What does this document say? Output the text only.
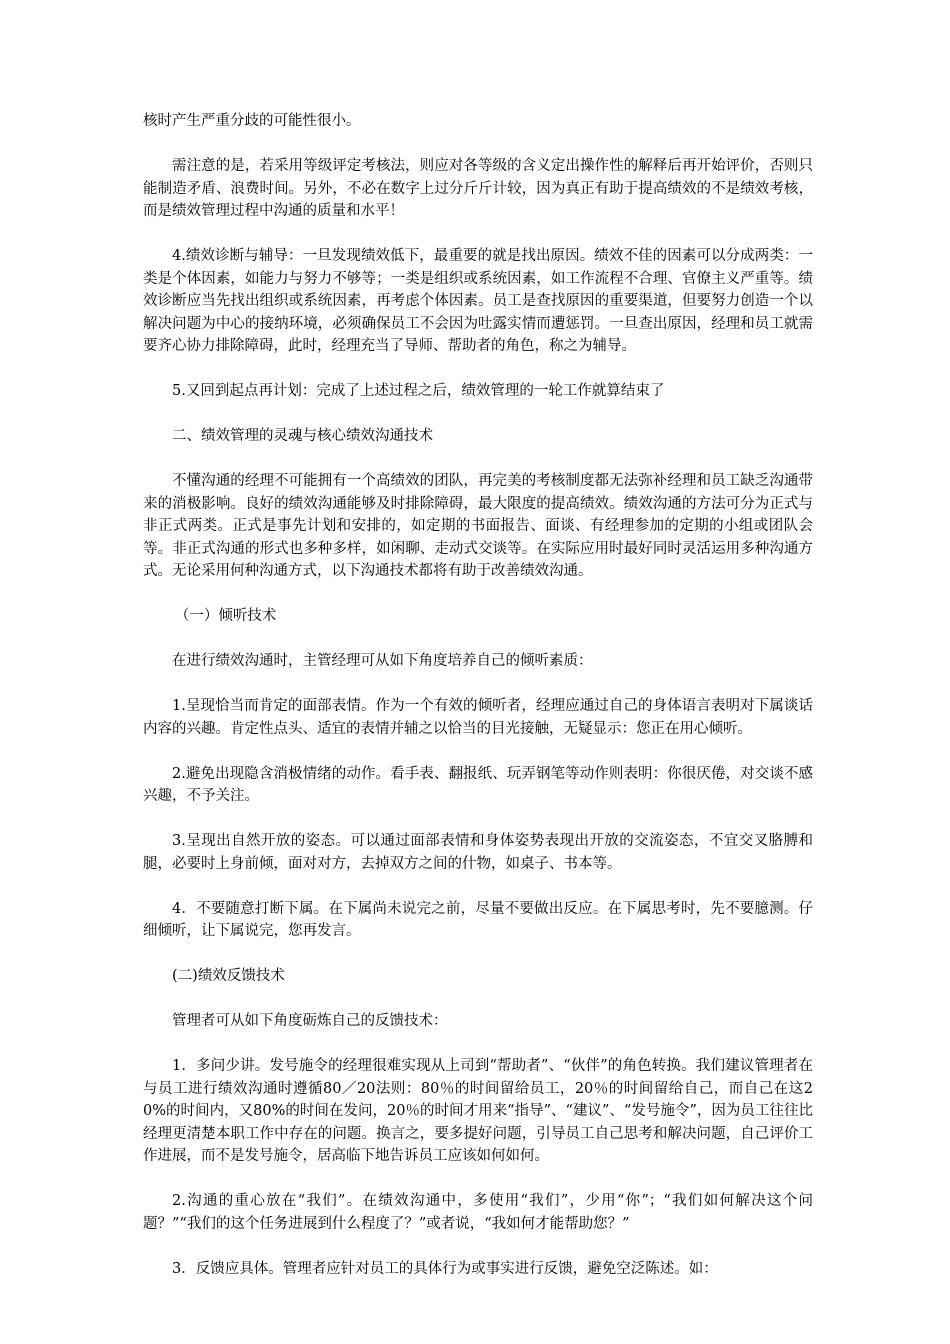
核时产生严重分歧的可能性很小。

需注意的是，若采用等级评定考核法，则应对各等级的含义定出操作性的解释后再开始评价，否则只能制造矛盾、浪费时间。另外，不必在数字上过分斤斤计较，因为真正有助于提高绩效的不是绩效考核，而是绩效管理过程中沟通的质量和水平！

4.绩效诊断与辅导：一旦发现绩效低下，最重要的就是找出原因。绩效不佳的因素可以分成两类：一类是个体因素，如能力与努力不够等；一类是组织或系统因素，如工作流程不合理、官僚主义严重等。绩效诊断应当先找出组织或系统因素，再考虑个体因素。员工是查找原因的重要渠道，但要努力创造一个以解决问题为中心的接纳环境，必须确保员工不会因为吐露实情而遭惩罚。一旦查出原因，经理和员工就需要齐心协力排除障碍，此时，经理充当了导师、帮助者的角色，称之为辅导。

5.又回到起点再计划：完成了上述过程之后，绩效管理的一轮工作就算结束了

二、绩效管理的灵魂与核心绩效沟通技术

不懂沟通的经理不可能拥有一个高绩效的团队，再完美的考核制度都无法弥补经理和员工缺乏沟通带来的消极影响。良好的绩效沟通能够及时排除障碍，最大限度的提高绩效。绩效沟通的方法可分为正式与非正式两类。正式是事先计划和安排的，如定期的书面报告、面谈、有经理参加的定期的小组或团队会等。非正式沟通的形式也多种多样，如闲聊、走动式交谈等。在实际应用时最好同时灵活运用多种沟通方式。无论采用何种沟通方式，以下沟通技术都将有助于改善绩效沟通。

（一）倾听技术

在进行绩效沟通时，主管经理可从如下角度培养自己的倾听素质：

1.呈现恰当而肯定的面部表情。作为一个有效的倾听者，经理应通过自己的身体语言表明对下属谈话内容的兴趣。肯定性点头、适宜的表情并辅之以恰当的目光接触，无疑显示：您正在用心倾听。

2.避免出现隐含消极情绪的动作。看手表、翻报纸、玩弄钢笔等动作则表明：你很厌倦，对交谈不感兴趣，不予关注。

3.呈现出自然开放的姿态。可以通过面部表情和身体姿势表现出开放的交流姿态，不宜交叉胳膊和腿，必要时上身前倾，面对对方，去掉双方之间的什物，如桌子、书本等。

4．不要随意打断下属。在下属尚未说完之前，尽量不要做出反应。在下属思考时，先不要臆测。仔细倾听，让下属说完，您再发言。

(二)绩效反馈技术

管理者可从如下角度砺炼自己的反馈技术：

1．多问少讲。发号施令的经理很难实现从上司到“帮助者”、“伙伴”的角色转换。我们建议管理者在与员工进行绩效沟通时遵循80／20法则：80％的时间留给员工，20％的时间留给自己，而自己在这20%的时间内，又80%的时间在发问，20％的时间才用来“指导”、“建议”、“发号施令”，因为员工往往比经理更清楚本职工作中存在的问题。换言之，要多提好问题，引导员工自己思考和解决问题，自己评价工作进展，而不是发号施令，居高临下地告诉员工应该如何如何。

2.沟通的重心放在“我们”。在绩效沟通中，多使用“我们”，少用“你”；“我们如何解决这个问题？”“我们的这个任务进展到什么程度了？”或者说，“我如何才能帮助您？”

3．反馈应具体。管理者应针对员工的具体行为或事实进行反馈，避免空泛陈述。如：
